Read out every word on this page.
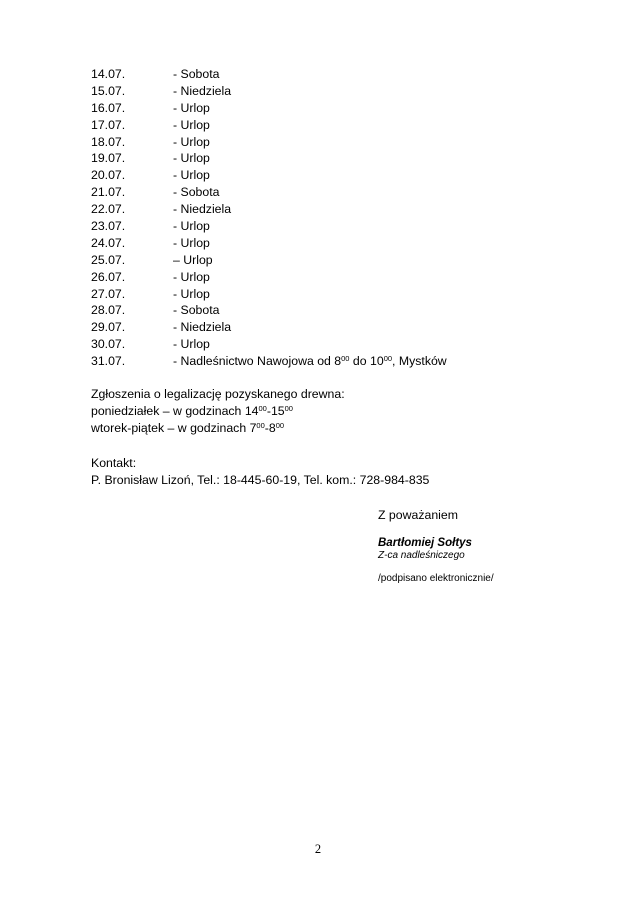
14.07.	- Sobota
15.07.	- Niedziela
16.07.	- Urlop
17.07.	- Urlop
18.07.	- Urlop
19.07.	- Urlop
20.07.	- Urlop
21.07.	- Sobota
22.07.	- Niedziela
23.07.	- Urlop
24.07.	- Urlop
25.07.	– Urlop
26.07.	- Urlop
27.07.	- Urlop
28.07.	- Sobota
29.07.	- Niedziela
30.07.	- Urlop
31.07.	- Nadleśnictwo Nawojowa od $8^{00}$ do $10^{00}$, Mystków
Zgłoszenia o legalizację pozyskanego drewna:
poniedziałek – w godzinach $14^{00}-15^{00}$
wtorek-piątek – w godzinach $7^{00}-8^{00}$
Kontakt:
P. Bronisław Lizoń, Tel.: 18-445-60-19, Tel. kom.: 728-984-835
Z poważaniem
Bartłomiej Sołtys
Z-ca nadleśniczego
/podpisano elektronicznie/
2
